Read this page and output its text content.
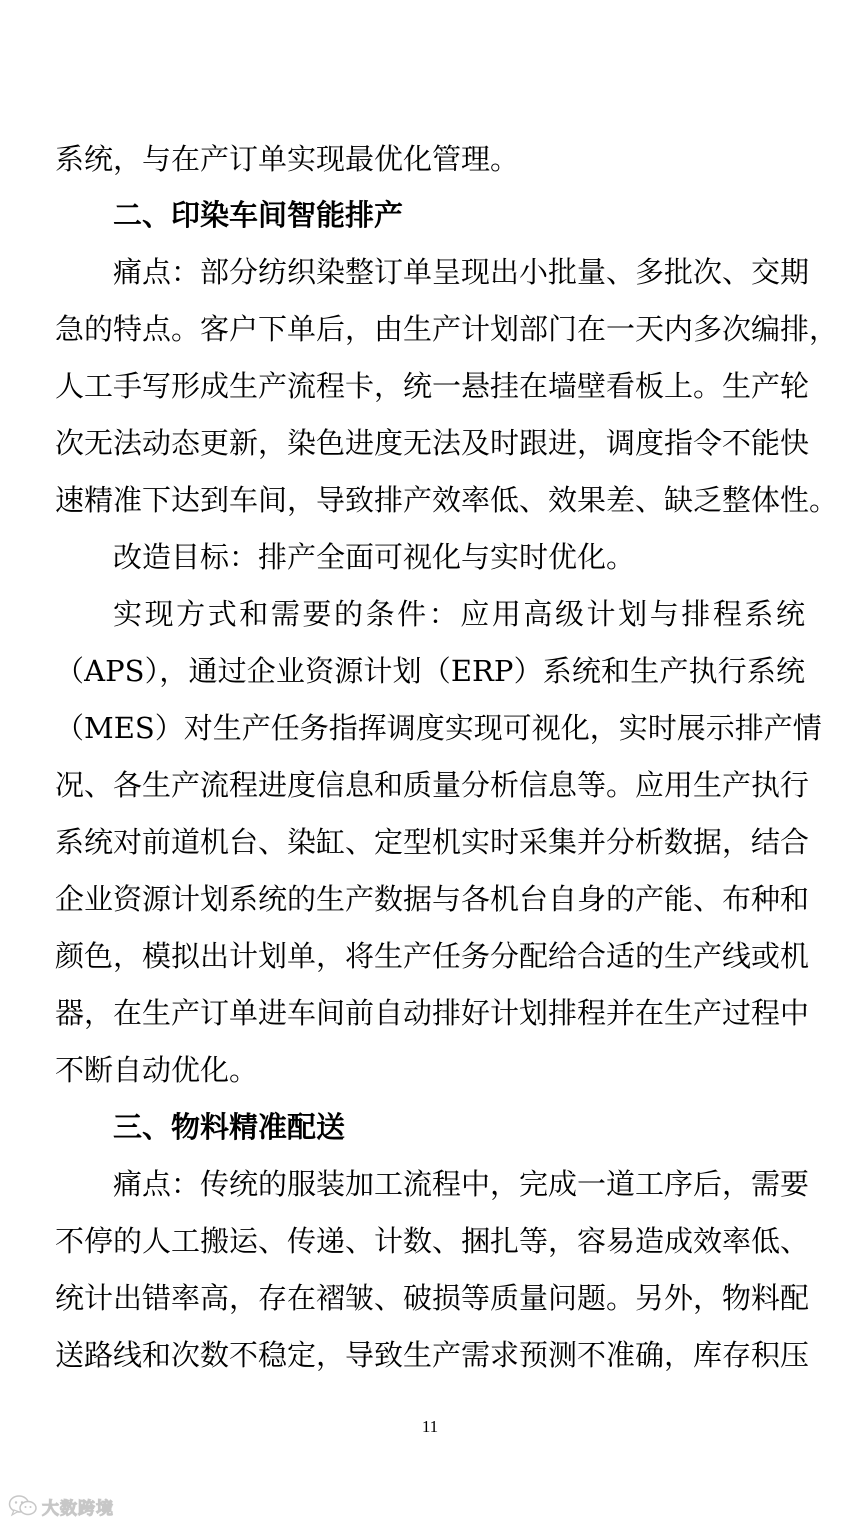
系统，与在产订单实现最优化管理。
二、印染车间智能排产
痛点：部分纺织染整订单呈现出小批量、多批次、交期
急的特点。客户下单后，由生产计划部门在一天内多次编排，
人工手写形成生产流程卡，统一悬挂在墙壁看板上。生产轮
次无法动态更新，染色进度无法及时跟进，调度指令不能快
速精准下达到车间，导致排产效率低、效果差、缺乏整体性。
改造目标：排产全面可视化与实时优化。
实现方式和需要的条件：应用高级计划与排程系统
（APS），通过企业资源计划（ERP）系统和生产执行系统
（MES）对生产任务指挥调度实现可视化，实时展示排产情
况、各生产流程进度信息和质量分析信息等。应用生产执行
系统对前道机台、染缸、定型机实时采集并分析数据，结合
企业资源计划系统的生产数据与各机台自身的产能、布种和
颜色，模拟出计划单，将生产任务分配给合适的生产线或机
器，在生产订单进车间前自动排好计划排程并在生产过程中
不断自动优化。
三、物料精准配送
痛点：传统的服装加工流程中，完成一道工序后，需要
不停的人工搬运、传递、计数、捆扎等，容易造成效率低、
统计出错率高，存在褶皱、破损等质量问题。另外，物料配
送路线和次数不稳定，导致生产需求预测不准确，库存积压
11
大数跨境
